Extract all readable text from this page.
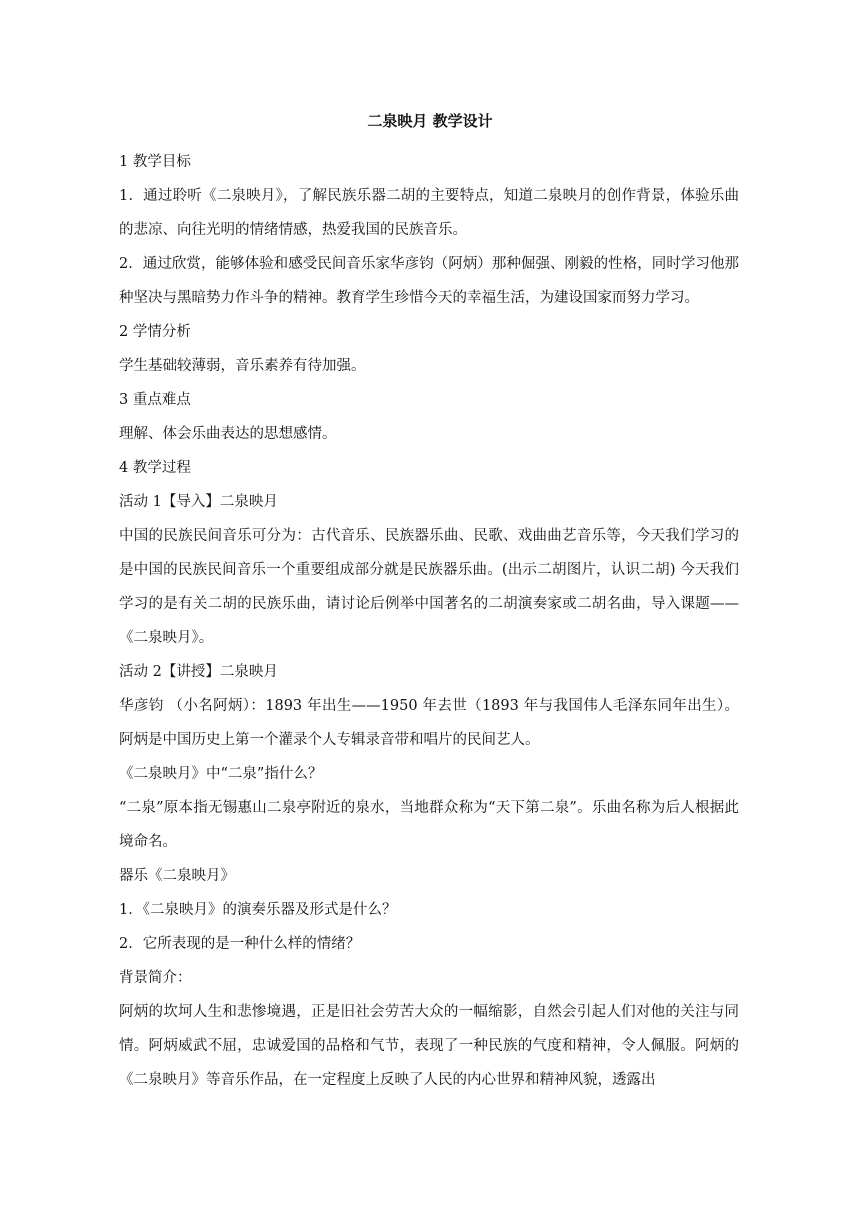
二泉映月 教学设计

1 教学目标

1．通过聆听《二泉映月》，了解民族乐器二胡的主要特点，知道二泉映月的创作背景，体验乐曲的悲凉、向往光明的情绪情感，热爱我国的民族音乐。

2．通过欣赏，能够体验和感受民间音乐家华彦钧（阿炳）那种倔强、刚毅的性格，同时学习他那种坚决与黑暗势力作斗争的精神。教育学生珍惜今天的幸福生活，为建设国家而努力学习。

2 学情分析

学生基础较薄弱，音乐素养有待加强。

3 重点难点

理解、体会乐曲表达的思想感情。

4 教学过程

活动 1【导入】二泉映月

中国的民族民间音乐可分为：古代音乐、民族器乐曲、民歌、戏曲曲艺音乐等，今天我们学习的是中国的民族民间音乐一个重要组成部分就是民族器乐曲。(出示二胡图片，认识二胡) 今天我们学习的是有关二胡的民族乐曲，请讨论后例举中国著名的二胡演奏家或二胡名曲，导入课题——《二泉映月》。

活动 2【讲授】二泉映月

华彦钧 （小名阿炳）：1893 年出生——1950 年去世（1893 年与我国伟人毛泽东同年出生）。阿炳是中国历史上第一个灌录个人专辑录音带和唱片的民间艺人。

《二泉映月》中“二泉”指什么？

“二泉”原本指无锡惠山二泉亭附近的泉水，当地群众称为“天下第二泉”。乐曲名称为后人根据此境命名。

器乐《二泉映月》

1．《二泉映月》的演奏乐器及形式是什么？

2．它所表现的是一种什么样的情绪？

背景简介：

阿炳的坎坷人生和悲惨境遇，正是旧社会劳苦大众的一幅缩影，自然会引起人们对他的关注与同情。阿炳威武不屈，忠诚爱国的品格和气节，表现了一种民族的气度和精神，令人佩服。阿炳的《二泉映月》等音乐作品，在一定程度上反映了人民的内心世界和精神风貌，透露出
